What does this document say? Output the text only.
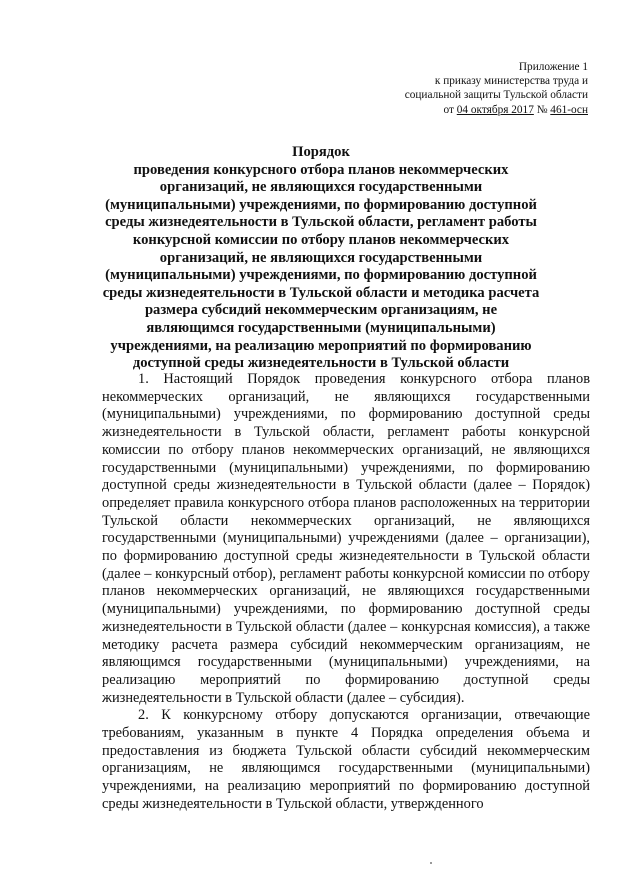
Приложение 1
к приказу министерства труда и
социальной защиты Тульской области
от 04 октября 2017 № 461-осн
Порядок
проведения конкурсного отбора планов некоммерческих организаций, не являющихся государственными (муниципальными) учреждениями, по формированию доступной среды жизнедеятельности в Тульской области, регламент работы конкурсной комиссии по отбору планов некоммерческих организаций, не являющихся государственными (муниципальными) учреждениями, по формированию доступной среды жизнедеятельности в Тульской области и методика расчета размера субсидий некоммерческим организациям, не являющимся государственными (муниципальными) учреждениями, на реализацию мероприятий по формированию доступной среды жизнедеятельности в Тульской области

1. Настоящий Порядок проведения конкурсного отбора планов некоммерческих организаций, не являющихся государственными (муниципальными) учреждениями, по формированию доступной среды жизнедеятельности в Тульской области, регламент работы конкурсной комиссии по отбору планов некоммерческих организаций, не являющихся государственными (муниципальными) учреждениями, по формированию доступной среды жизнедеятельности в Тульской области (далее – Порядок) определяет правила конкурсного отбора планов расположенных на территории Тульской области некоммерческих организаций, не являющихся государственными (муниципальными) учреждениями (далее – организации), по формированию доступной среды жизнедеятельности в Тульской области (далее – конкурсный отбор), регламент работы конкурсной комиссии по отбору планов некоммерческих организаций, не являющихся государственными (муниципальными) учреждениями, по формированию доступной среды жизнедеятельности в Тульской области (далее – конкурсная комиссия), а также методику расчета размера субсидий некоммерческим организациям, не являющимся государственными (муниципальными) учреждениями, на реализацию мероприятий по формированию доступной среды жизнедеятельности в Тульской области (далее – субсидия).

2. К конкурсному отбору допускаются организации, отвечающие требованиям, указанным в пункте 4 Порядка определения объема и предоставления из бюджета Тульской области субсидий некоммерческим организациям, не являющимся государственными (муниципальными) учреждениями, на реализацию мероприятий по формированию доступной среды жизнедеятельности в Тульской области, утвержденного
